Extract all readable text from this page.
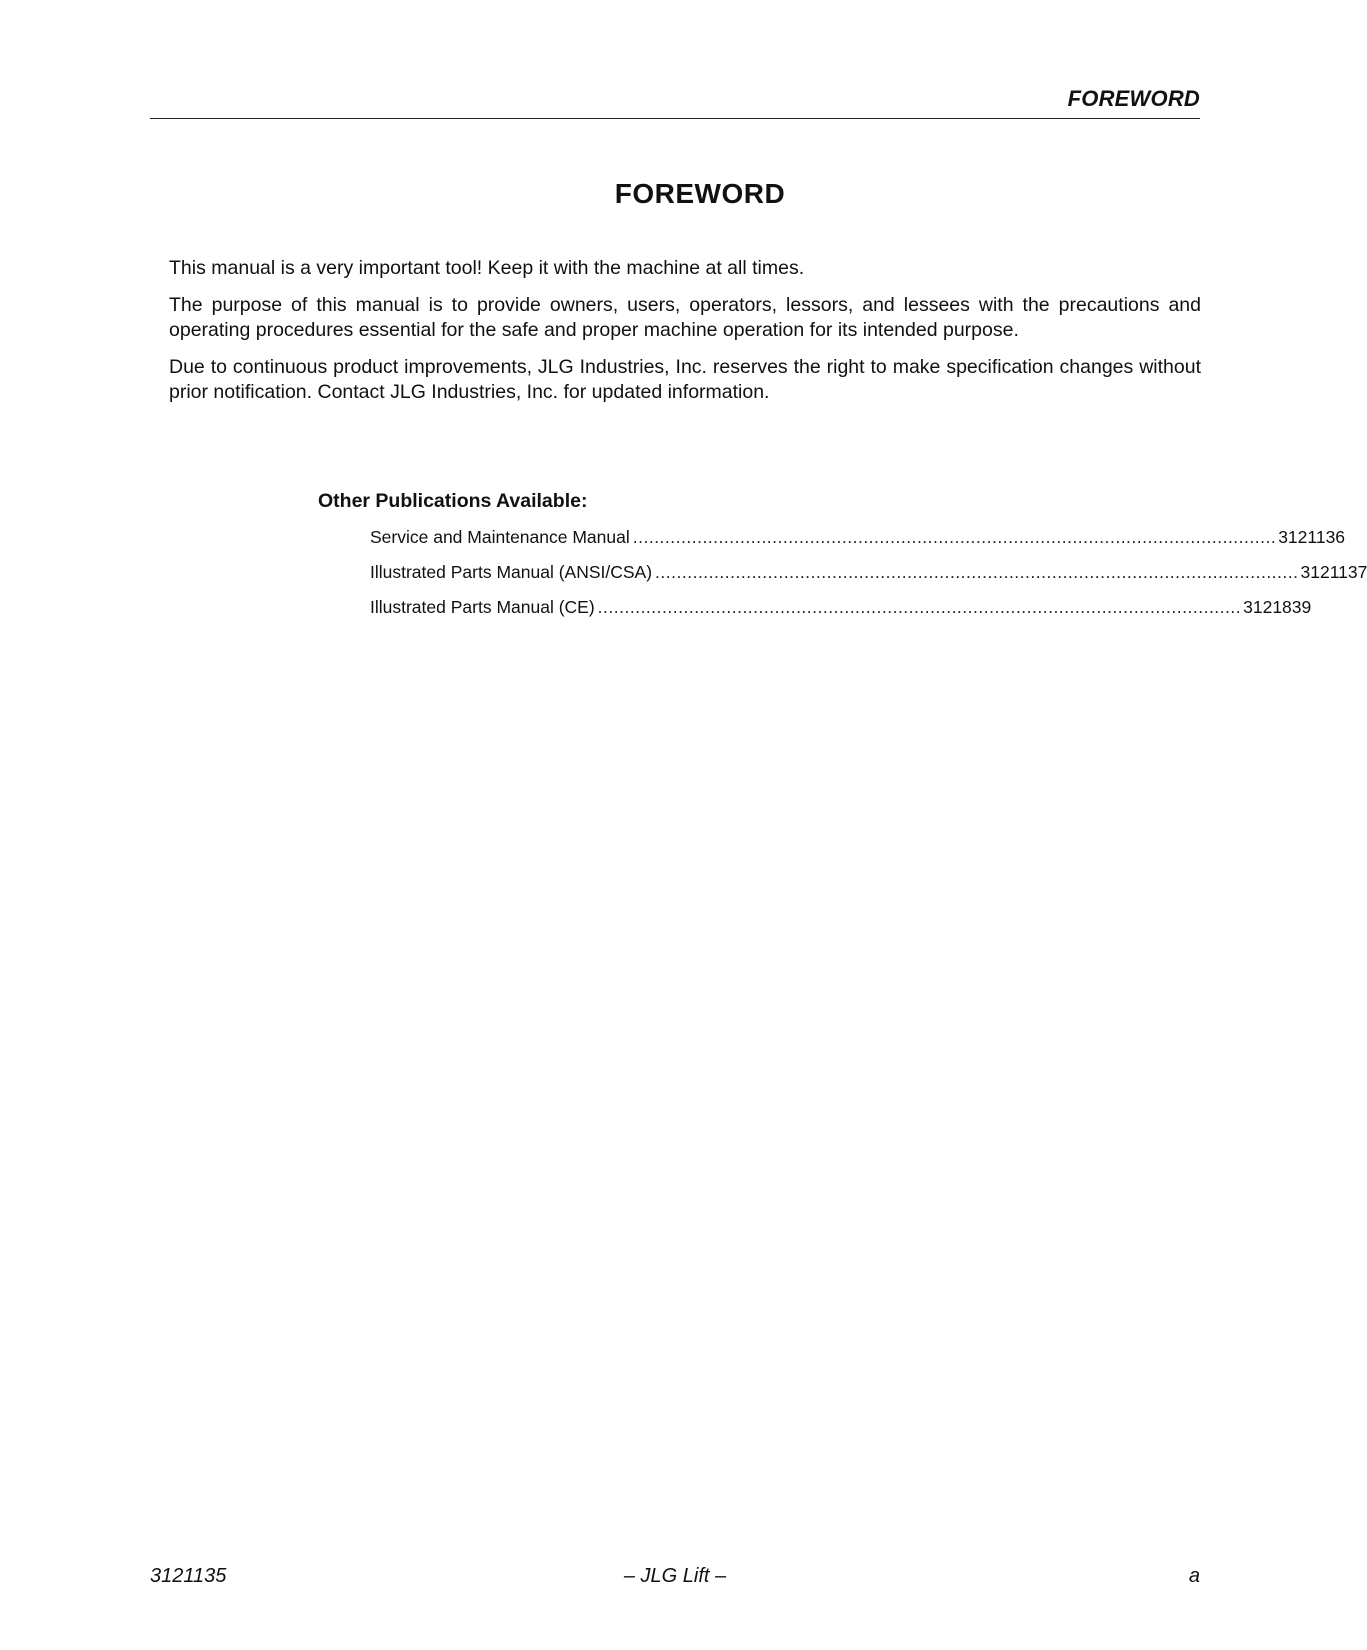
FOREWORD
FOREWORD

This manual is a very important tool! Keep it with the machine at all times.

The purpose of this manual is to provide owners, users, operators, lessors, and lessees with the precautions and operating procedures essential for the safe and proper machine operation for its intended purpose.

Due to continuous product improvements, JLG Industries, Inc. reserves the right to make specification changes without prior notification. Contact JLG Industries, Inc. for updated information.

Other Publications Available:
Service and Maintenance Manual ........................................................................................................................ 3121136
Illustrated Parts Manual (ANSI/CSA) ........................................................................................................................ 3121137
Illustrated Parts Manual (CE) ........................................................................................................................ 3121839
3121135	– JLG Lift –	a
